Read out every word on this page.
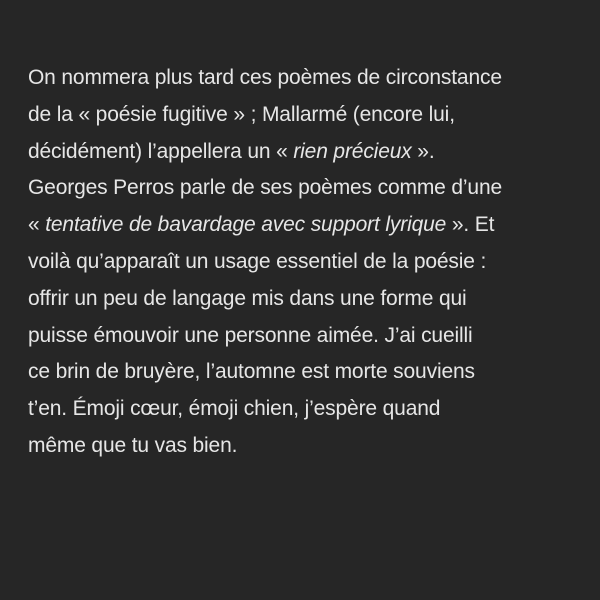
On nommera plus tard ces poèmes de circonstance
de la « poésie fugitive » ; Mallarmé (encore lui,
décidément) l’appellera un « rien précieux ».
Georges Perros parle de ses poèmes comme d’une
« tentative de bavardage avec support lyrique ». Et
voilà qu’apparaît un usage essentiel de la poésie :
offrir un peu de langage mis dans une forme qui
puisse émouvoir une personne aimée. J’ai cueilli
ce brin de bruyère, l’automne est morte souviens
t’en. Émoji cœur, émoji chien, j’espère quand
même que tu vas bien.
